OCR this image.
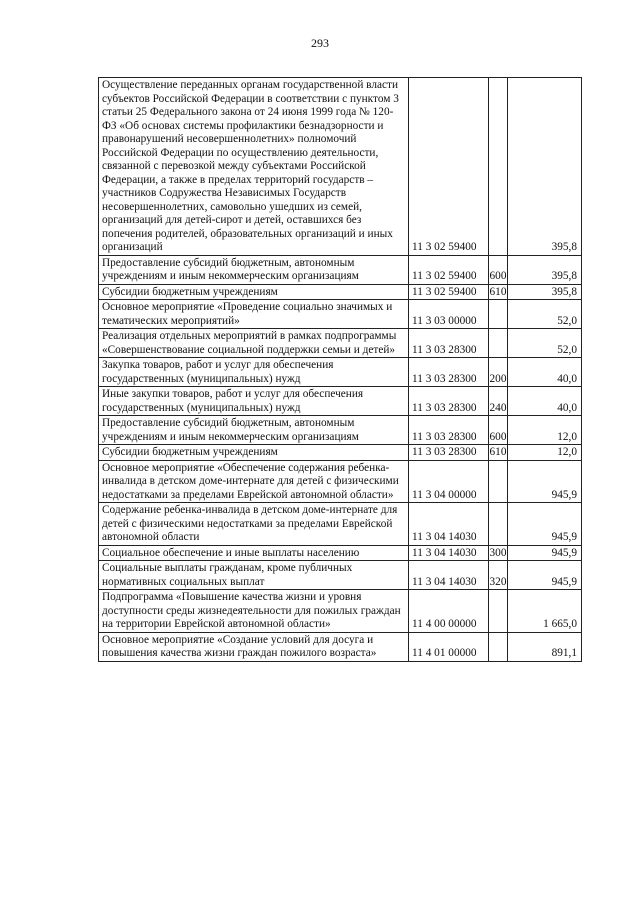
293
Осуществление переданных органам государственной власти субъектов Российской Федерации в соответствии с пунктом 3 статьи 25 Федерального закона от 24 июня 1999 года № 120-ФЗ «Об основах системы профилактики безнадзорности и правонарушений несовершеннолетних» полномочий Российской Федерации по осуществлению деятельности, связанной с перевозкой между субъектами Российской Федерации, а также в пределах территорий государств – участников Содружества Независимых Государств несовершеннолетних, самовольно ушедших из семей, организаций для детей-сирот и детей, оставшихся без попечения родителей, образовательных организаций и иных организаций	11 3 02 59400		395,8
Предоставление субсидий бюджетным, автономным учреждениям и иным некоммерческим организациям	11 3 02 59400	600	395,8
Субсидии бюджетным учреждениям	11 3 02 59400	610	395,8
Основное мероприятие «Проведение социально значимых и тематических мероприятий»	11 3 03 00000		52,0
Реализация отдельных мероприятий в рамках подпрограммы «Совершенствование социальной поддержки семьи и детей»	11 3 03 28300		52,0
Закупка товаров, работ и услуг для обеспечения государственных (муниципальных) нужд	11 3 03 28300	200	40,0
Иные закупки товаров, работ и услуг для обеспечения государственных (муниципальных) нужд	11 3 03 28300	240	40,0
Предоставление субсидий бюджетным, автономным учреждениям и иным некоммерческим организациям	11 3 03 28300	600	12,0
Субсидии бюджетным учреждениям	11 3 03 28300	610	12,0
Основное мероприятие «Обеспечение содержания ребенка-инвалида в детском доме-интернате для детей с физическими недостатками за пределами Еврейской автономной области»	11 3 04 00000		945,9
Содержание ребенка-инвалида в детском доме-интернате для детей с физическими недостатками за пределами Еврейской автономной области	11 3 04 14030		945,9
Социальное обеспечение и иные выплаты населению	11 3 04 14030	300	945,9
Социальные выплаты гражданам, кроме публичных нормативных социальных выплат	11 3 04 14030	320	945,9
Подпрограмма «Повышение качества жизни и уровня доступности среды жизнедеятельности для пожилых граждан на территории Еврейской автономной области»	11 4 00 00000		1 665,0
Основное мероприятие «Создание условий для досуга и повышения качества жизни граждан пожилого возраста»	11 4 01 00000		891,1
